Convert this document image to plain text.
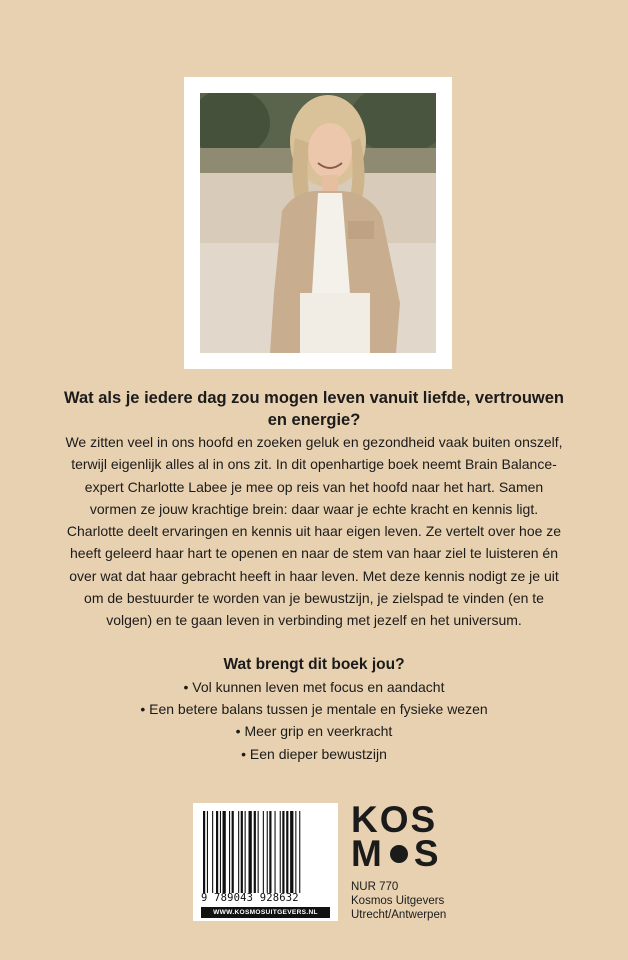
Wat als je iedere dag zou mogen leven vanuit liefde, vertrouwen en energie?

We zitten veel in ons hoofd en zoeken geluk en gezondheid vaak buiten onszelf, terwijl eigenlijk alles al in ons zit. In dit openhartige boek neemt Brain Balance-expert Charlotte Labee je mee op reis van het hoofd naar het hart. Samen vormen ze jouw krachtige brein: daar waar je echte kracht en kennis ligt.

Charlotte deelt ervaringen en kennis uit haar eigen leven. Ze vertelt over hoe ze heeft geleerd haar hart te openen en naar de stem van haar ziel te luisteren én over wat dat haar gebracht heeft in haar leven. Met deze kennis nodigt ze je uit om de bestuurder te worden van je bewustzijn, je zielspad te vinden (en te volgen) en te gaan leven in verbinding met jezelf en het universum.

Wat brengt dit boek jou?
• Vol kunnen leven met focus en aandacht
• Een betere balans tussen je mentale en fysieke wezen
• Meer grip en veerkracht
• Een dieper bewustzijn
9 789043 928632
WWW.KOSMOSUITGEVERS.NL
KOS
M S
NUR 770
Kosmos Uitgevers
Utrecht/Antwerpen
